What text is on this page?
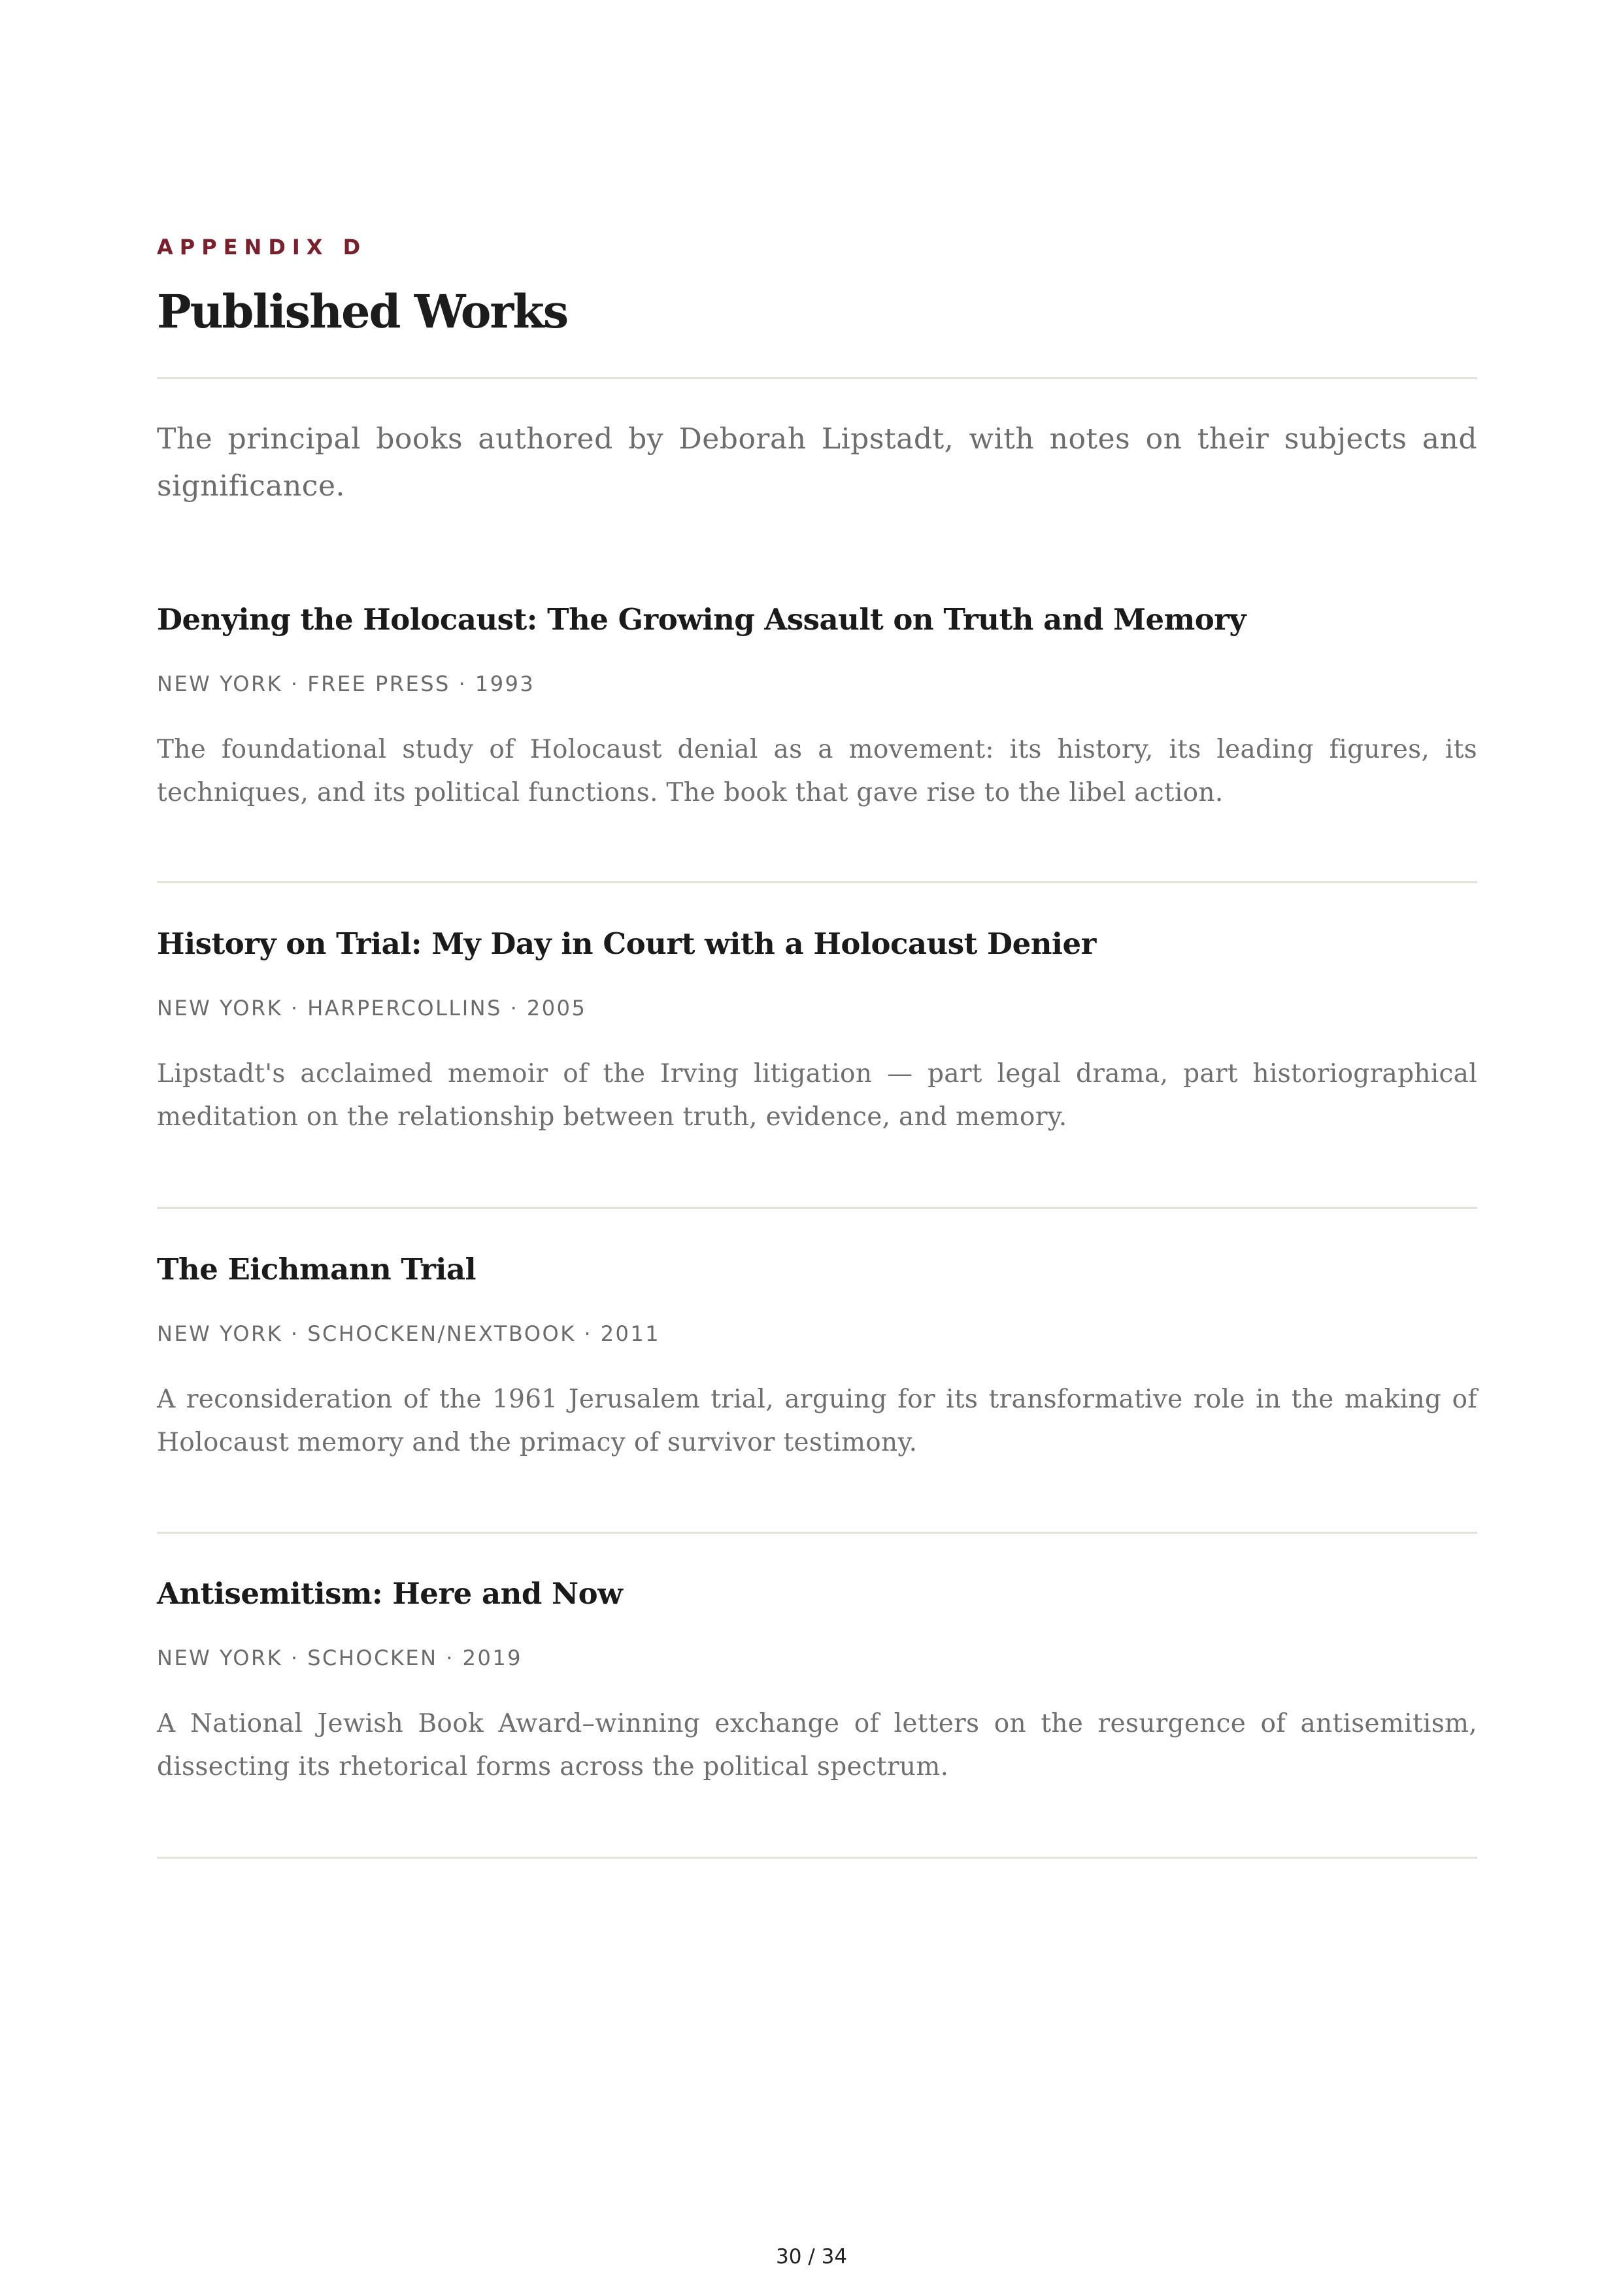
APPENDIX D
Published Works
The principal books authored by Deborah Lipstadt, with notes on their subjects and significance.
Denying the Holocaust: The Growing Assault on Truth and Memory
NEW YORK · FREE PRESS · 1993
The foundational study of Holocaust denial as a movement: its history, its leading figures, its techniques, and its political functions. The book that gave rise to the libel action.
History on Trial: My Day in Court with a Holocaust Denier
NEW YORK · HARPERCOLLINS · 2005
Lipstadt's acclaimed memoir of the Irving litigation — part legal drama, part historiographical meditation on the relationship between truth, evidence, and memory.
The Eichmann Trial
NEW YORK · SCHOCKEN/NEXTBOOK · 2011
A reconsideration of the 1961 Jerusalem trial, arguing for its transformative role in the making of Holocaust memory and the primacy of survivor testimony.
Antisemitism: Here and Now
NEW YORK · SCHOCKEN · 2019
A National Jewish Book Award–winning exchange of letters on the resurgence of antisemitism, dissecting its rhetorical forms across the political spectrum.
30 / 34
